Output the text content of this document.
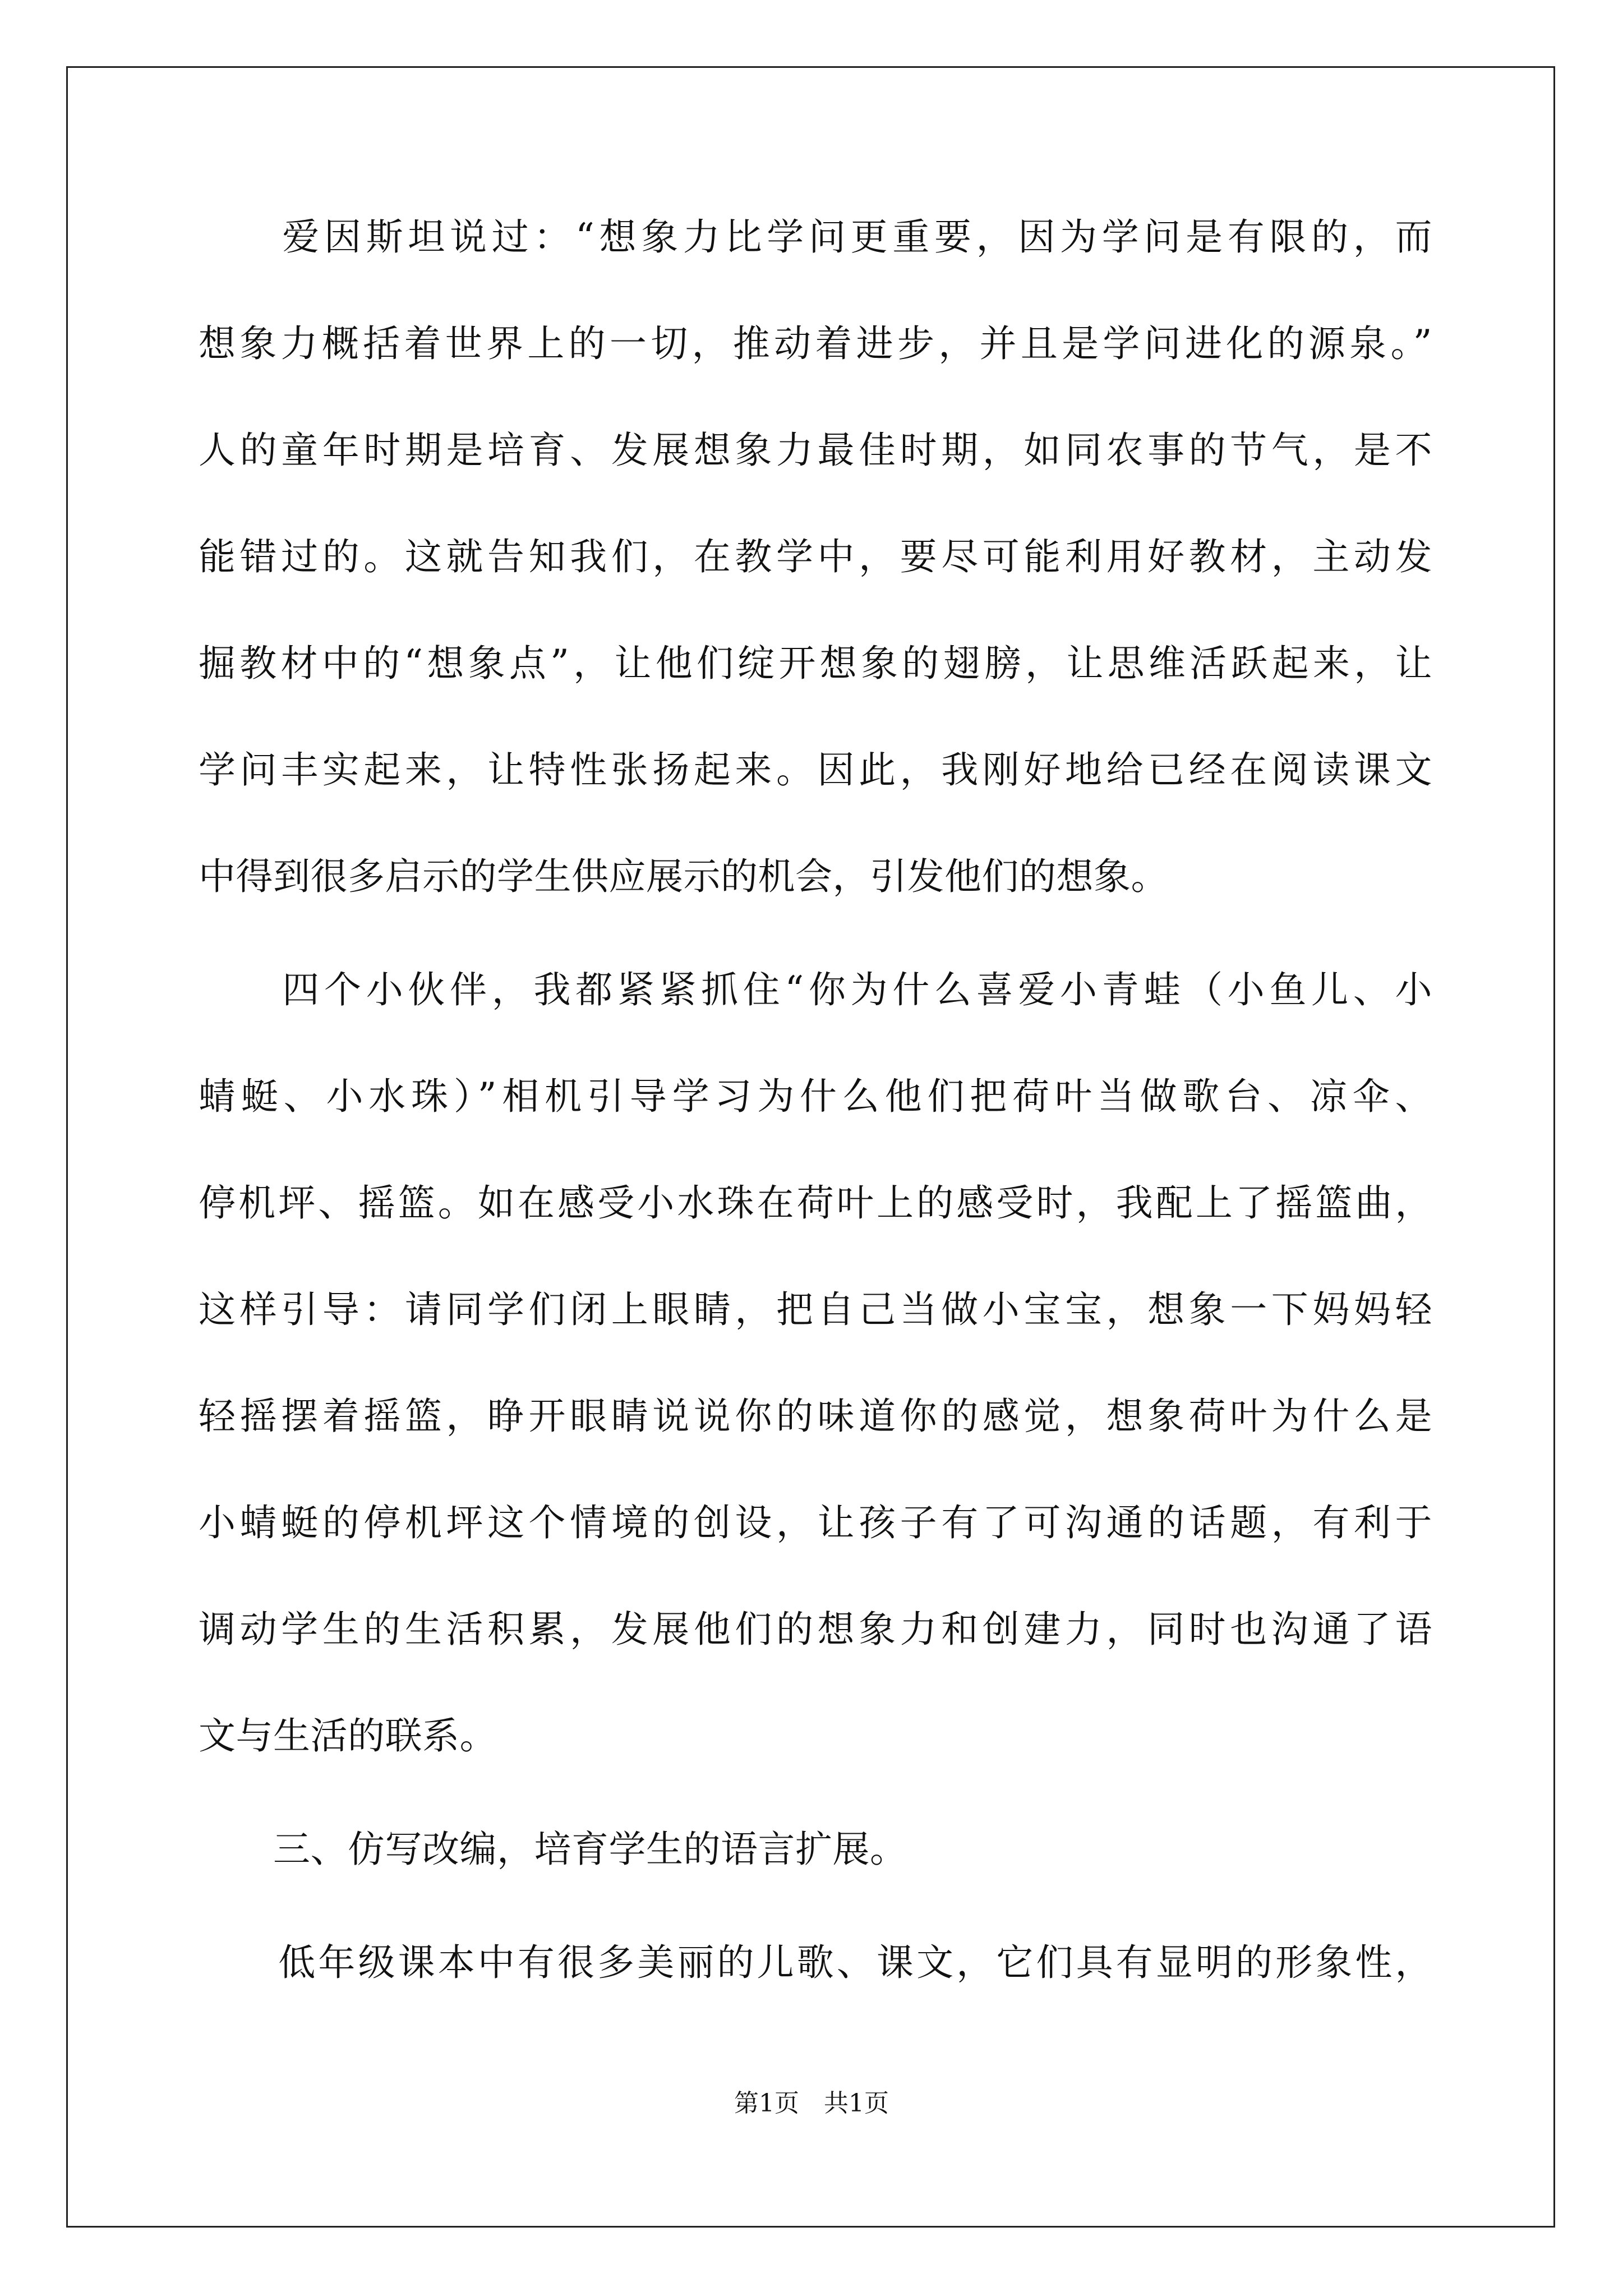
　　爱因斯坦说过：“想象力比学问更重要，因为学问是有限的，而
想象力概括着世界上的一切，推动着进步，并且是学问进化的源泉。”
人的童年时期是培育、发展想象力最佳时期，如同农事的节气，是不
能错过的。这就告知我们，在教学中，要尽可能利用好教材，主动发
掘教材中的“想象点”，让他们绽开想象的翅膀，让思维活跃起来，让
学问丰实起来，让特性张扬起来。因此，我刚好地给已经在阅读课文
中得到很多启示的学生供应展示的机会，引发他们的想象。
　　四个小伙伴，我都紧紧抓住“你为什么喜爱小青蛙（小鱼儿、小
蜻蜓、小水珠）”相机引导学习为什么他们把荷叶当做歌台、凉伞、
停机坪、摇篮。如在感受小水珠在荷叶上的感受时，我配上了摇篮曲，
这样引导：请同学们闭上眼睛，把自己当做小宝宝，想象一下妈妈轻
轻摇摆着摇篮，睁开眼睛说说你的味道你的感觉，想象荷叶为什么是
小蜻蜓的停机坪这个情境的创设，让孩子有了可沟通的话题，有利于
调动学生的生活积累，发展他们的想象力和创建力，同时也沟通了语
文与生活的联系。
　　三、仿写改编，培育学生的语言扩展。
　　低年级课本中有很多美丽的儿歌、课文，它们具有显明的形象性，
第1页　共1页
